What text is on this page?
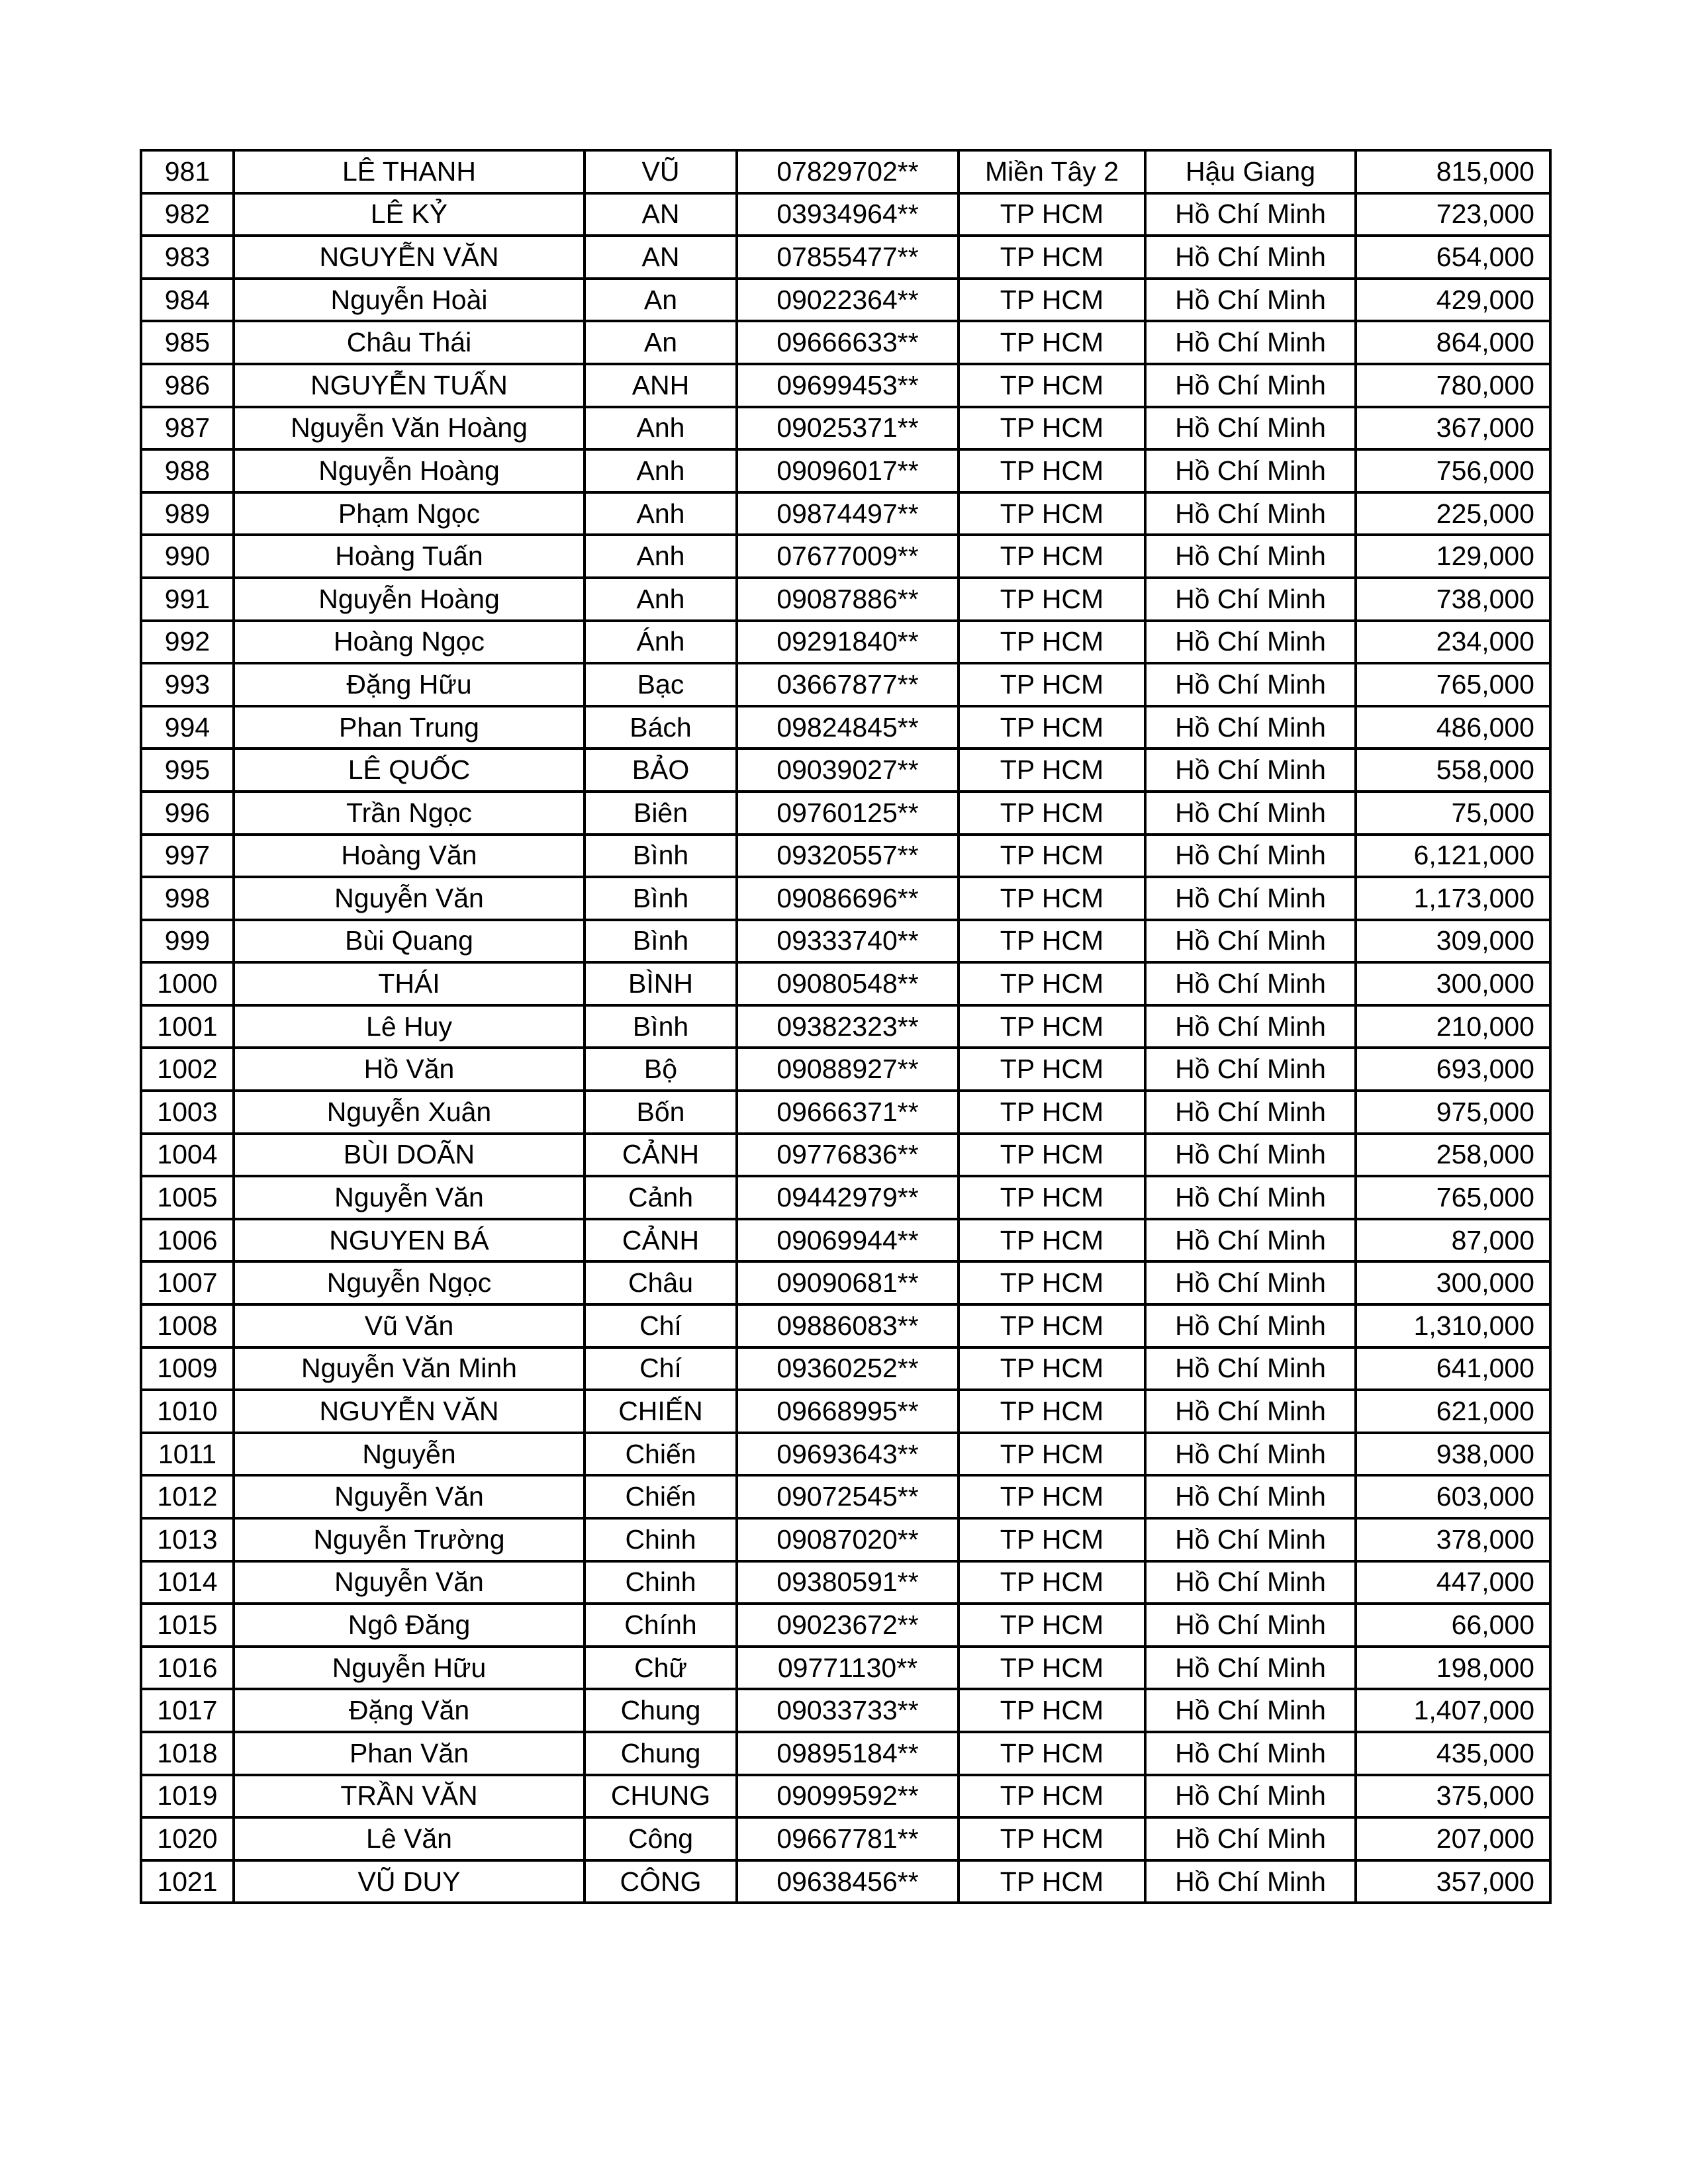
981	LÊ THANH	VŨ	07829702**	Miền Tây 2	Hậu Giang	815,000
982	LÊ KỶ	AN	03934964**	TP HCM	Hồ Chí Minh	723,000
983	NGUYỄN VĂN	AN	07855477**	TP HCM	Hồ Chí Minh	654,000
984	Nguyễn Hoài	An	09022364**	TP HCM	Hồ Chí Minh	429,000
985	Châu Thái	An	09666633**	TP HCM	Hồ Chí Minh	864,000
986	NGUYỄN TUẤN	ANH	09699453**	TP HCM	Hồ Chí Minh	780,000
987	Nguyễn Văn Hoàng	Anh	09025371**	TP HCM	Hồ Chí Minh	367,000
988	Nguyễn Hoàng	Anh	09096017**	TP HCM	Hồ Chí Minh	756,000
989	Phạm Ngọc	Anh	09874497**	TP HCM	Hồ Chí Minh	225,000
990	Hoàng Tuấn	Anh	07677009**	TP HCM	Hồ Chí Minh	129,000
991	Nguyễn Hoàng	Anh	09087886**	TP HCM	Hồ Chí Minh	738,000
992	Hoàng Ngọc	Ánh	09291840**	TP HCM	Hồ Chí Minh	234,000
993	Đặng Hữu	Bạc	03667877**	TP HCM	Hồ Chí Minh	765,000
994	Phan Trung	Bách	09824845**	TP HCM	Hồ Chí Minh	486,000
995	LÊ QUỐC	BẢO	09039027**	TP HCM	Hồ Chí Minh	558,000
996	Trần Ngọc	Biên	09760125**	TP HCM	Hồ Chí Minh	75,000
997	Hoàng Văn	Bình	09320557**	TP HCM	Hồ Chí Minh	6,121,000
998	Nguyễn Văn	Bình	09086696**	TP HCM	Hồ Chí Minh	1,173,000
999	Bùi Quang	Bình	09333740**	TP HCM	Hồ Chí Minh	309,000
1000	THÁI	BÌNH	09080548**	TP HCM	Hồ Chí Minh	300,000
1001	Lê Huy	Bình	09382323**	TP HCM	Hồ Chí Minh	210,000
1002	Hồ Văn	Bộ	09088927**	TP HCM	Hồ Chí Minh	693,000
1003	Nguyễn Xuân	Bốn	09666371**	TP HCM	Hồ Chí Minh	975,000
1004	BÙI DOÃN	CẢNH	09776836**	TP HCM	Hồ Chí Minh	258,000
1005	Nguyễn Văn	Cảnh	09442979**	TP HCM	Hồ Chí Minh	765,000
1006	NGUYEN BÁ	CẢNH	09069944**	TP HCM	Hồ Chí Minh	87,000
1007	Nguyễn Ngọc	Châu	09090681**	TP HCM	Hồ Chí Minh	300,000
1008	Vũ Văn	Chí	09886083**	TP HCM	Hồ Chí Minh	1,310,000
1009	Nguyễn Văn Minh	Chí	09360252**	TP HCM	Hồ Chí Minh	641,000
1010	NGUYỄN VĂN	CHIẾN	09668995**	TP HCM	Hồ Chí Minh	621,000
1011	Nguyễn	Chiến	09693643**	TP HCM	Hồ Chí Minh	938,000
1012	Nguyễn Văn	Chiến	09072545**	TP HCM	Hồ Chí Minh	603,000
1013	Nguyễn Trường	Chinh	09087020**	TP HCM	Hồ Chí Minh	378,000
1014	Nguyễn Văn	Chinh	09380591**	TP HCM	Hồ Chí Minh	447,000
1015	Ngô Đăng	Chính	09023672**	TP HCM	Hồ Chí Minh	66,000
1016	Nguyễn Hữu	Chữ	09771130**	TP HCM	Hồ Chí Minh	198,000
1017	Đặng Văn	Chung	09033733**	TP HCM	Hồ Chí Minh	1,407,000
1018	Phan Văn	Chung	09895184**	TP HCM	Hồ Chí Minh	435,000
1019	TRẦN VĂN	CHUNG	09099592**	TP HCM	Hồ Chí Minh	375,000
1020	Lê Văn	Công	09667781**	TP HCM	Hồ Chí Minh	207,000
1021	VŨ DUY	CÔNG	09638456**	TP HCM	Hồ Chí Minh	357,000
